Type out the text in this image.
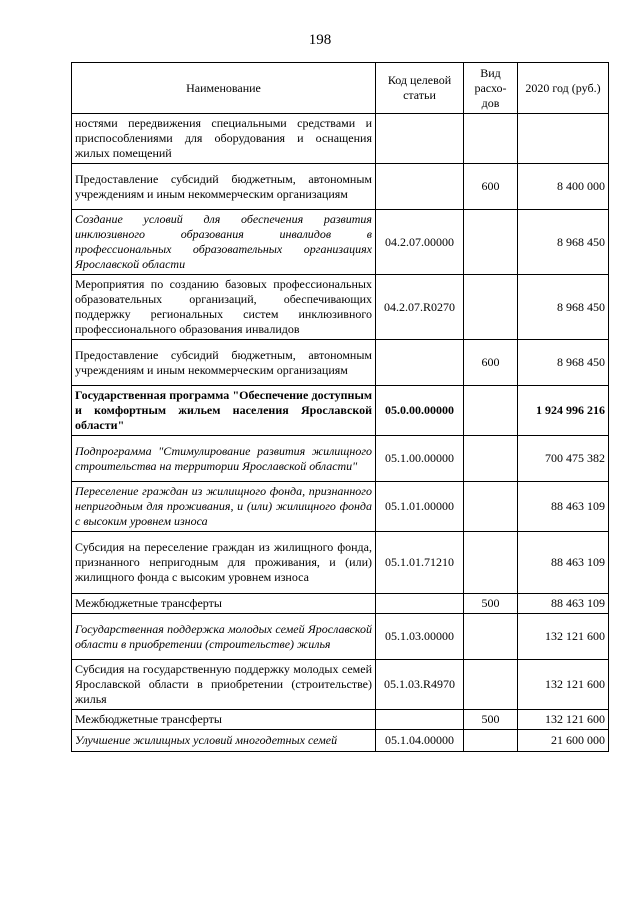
198
Наименование	Код целевой статьи	Вид расхо-дов	2020 год (руб.)
ностями передвижения специальными средствами и приспособлениями для оборудования и оснащения жилых помещений			
Предоставление субсидий бюджетным, автономным учреждениям и иным некоммерческим организациям		600	8 400 000
Создание условий для обеспечения развития инклюзивного образования инвалидов в профессиональных образовательных организациях Ярославской области	04.2.07.00000		8 968 450
Мероприятия по созданию базовых профессиональных образовательных организаций, обеспечивающих поддержку региональных систем инклюзивного профессионального образования инвалидов	04.2.07.R0270		8 968 450
Предоставление субсидий бюджетным, автономным учреждениям и иным некоммерческим организациям		600	8 968 450
Государственная программа "Обеспечение доступным и комфортным жильем населения Ярославской области"	05.0.00.00000		1 924 996 216
Подпрограмма "Стимулирование развития жилищного строительства на территории Ярославской области"	05.1.00.00000		700 475 382
Переселение граждан из жилищного фонда, признанного непригодным для проживания, и (или) жилищного фонда с высоким уровнем износа	05.1.01.00000		88 463 109
Субсидия на переселение граждан из жилищного фонда, признанного непригодным для проживания, и (или) жилищного фонда с высоким уровнем износа	05.1.01.71210		88 463 109
Межбюджетные трансферты		500	88 463 109
Государственная поддержка молодых семей Ярославской области в приобретении (строительстве) жилья	05.1.03.00000		132 121 600
Субсидия на государственную поддержку молодых семей Ярославской области в приобретении (строительстве) жилья	05.1.03.R4970		132 121 600
Межбюджетные трансферты		500	132 121 600
Улучшение жилищных условий многодетных семей	05.1.04.00000		21 600 000
